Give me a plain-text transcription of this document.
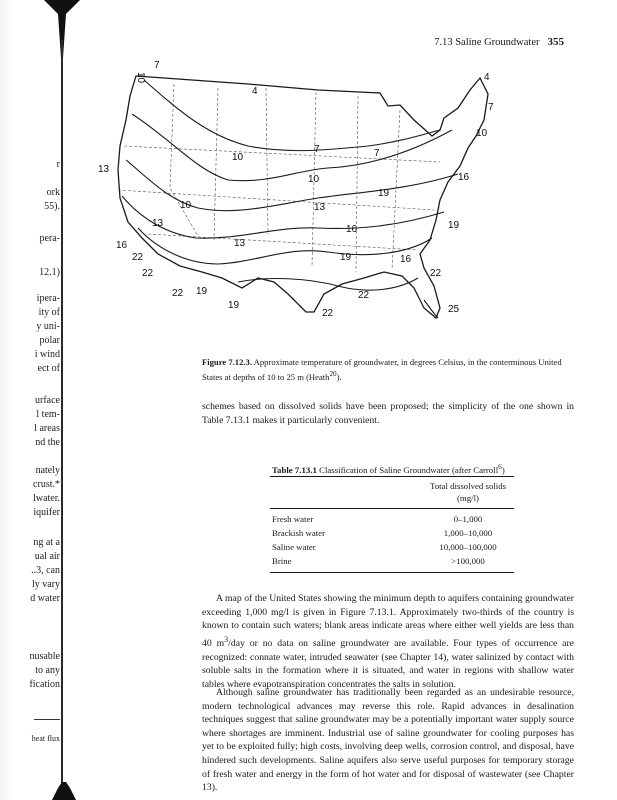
r
ork
55).
pera-
12.1)
ipera-
ity of
y uni-
polar
i wind
ect of
urface
l tem-
l areas
nd the
nately
crust.*
lwater.
iquifer
ng at a
ual air
..3, can
ly vary
d water
nusable
to any
fication
heat flux
7.13 Saline Groundwater 355
10
7
4
4
7
10
13
16
19
22
25
22
22
19
16
13
10
7
10
13
16
19
22
19
22
22
19
16
13
10	7
Figure 7.12.3. Approximate temperature of groundwater, in degrees Celsius, in the conterminous United States at depths of 10 to 25 m (Heath$^{20}$).

schemes based on dissolved solids have been proposed; the simplicity of the one shown in Table 7.13.1 makes it particularly convenient.

Table 7.13.1 Classification of Saline Groundwater (after Carroll$^6$)
Total dissolved solids (mg/l)
Fresh water	0–1,000
Brackish water	1,000–10,000
Saline water	10,000–100,000
Brine	>100,000

A map of the United States showing the minimum depth to aquifers containing groundwater exceeding 1,000 mg/l is given in Figure 7.13.1. Approximately two-thirds of the country is known to contain such waters; blank areas indicate areas where either well yields are less than 40 $m^3$/day or no data on saline groundwater are available. Four types of occurrence are recognized: connate water, intruded seawater (see Chapter 14), water salinized by contact with soluble salts in the formation where it is situated, and water in regions with shallow water tables where evapotranspiration concentrates the salts in solution.

Although saline groundwater has traditionally been regarded as an undesirable resource, modern technological advances may reverse this role. Rapid advances in desalination techniques suggest that saline groundwater may be a potentially important water supply source where shortages are imminent. Industrial use of saline groundwater for cooling purposes has yet to be exploited fully; high costs, involving deep wells, corrosion control, and disposal, have hindered such developments. Saline aquifers also serve useful purposes for temporary storage of fresh water and energy in the form of hot water and for disposal of wastewater (see Chapter 13).
